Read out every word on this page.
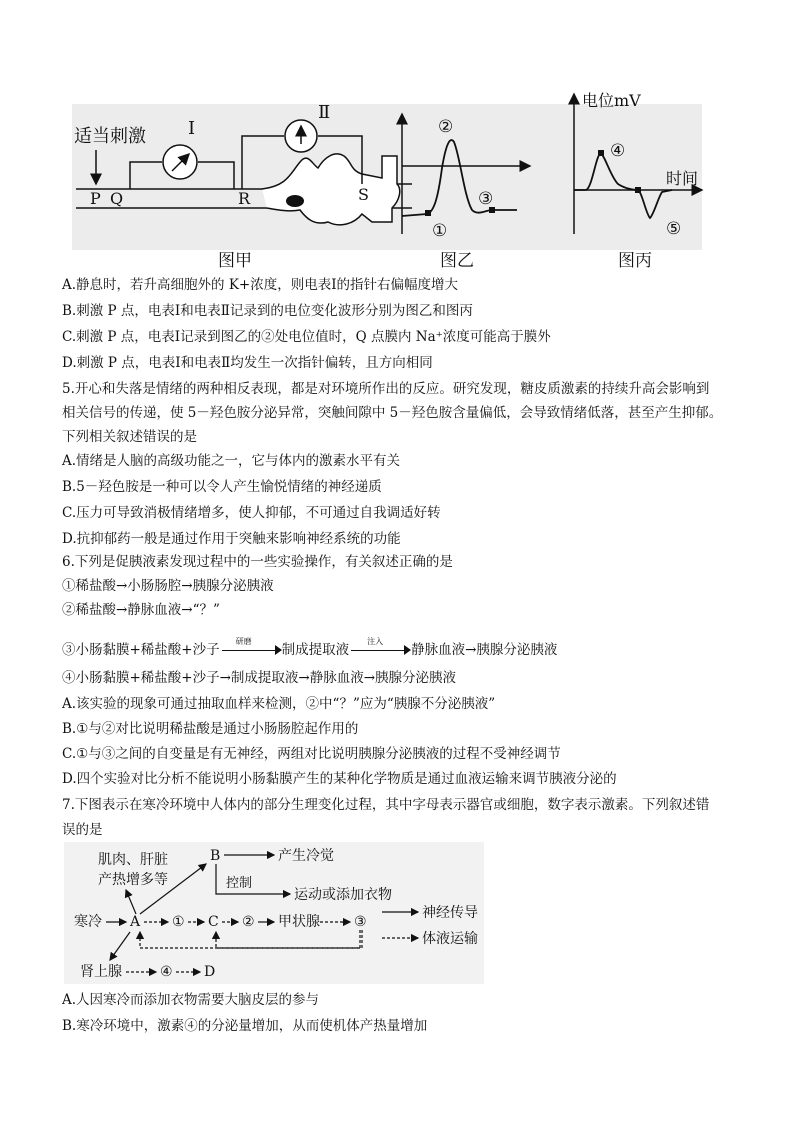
适当刺激
P Q
Ⅰ
R	S
Ⅱ
图甲
①
②
③
图乙
电位mV
时间
④
⑤
图丙
A.静息时，若升高细胞外的 K+浓度，则电表Ⅰ的指针右偏幅度增大
B.刺激 P 点，电表Ⅰ和电表Ⅱ记录到的电位变化波形分别为图乙和图丙
C.刺激 P 点，电表Ⅰ记录到图乙的②处电位值时，Q 点膜内 Na⁺浓度可能高于膜外
D.刺激 P 点，电表Ⅰ和电表Ⅱ均发生一次指针偏转，且方向相同
5.开心和失落是情绪的两种相反表现，都是对环境所作出的反应。研究发现，糖皮质激素的持续升高会影响到
相关信号的传递，使 5－羟色胺分泌异常，突触间隙中 5－羟色胺含量偏低，会导致情绪低落，甚至产生抑郁。
下列相关叙述错误的是
A.情绪是人脑的高级功能之一，它与体内的激素水平有关
B.5－羟色胺是一种可以令人产生愉悦情绪的神经递质
C.压力可导致消极情绪增多，使人抑郁，不可通过自我调适好转
D.抗抑郁药一般是通过作用于突触来影响神经系统的功能
6.下列是促胰液素发现过程中的一些实验操作，有关叙述正确的是
①稀盐酸→小肠肠腔→胰腺分泌胰液
②稀盐酸→静脉血液→“？”
③小肠黏膜+稀盐酸+沙子
研磨
制成提取液
注入
静脉血液→胰腺分泌胰液
④小肠黏膜+稀盐酸+沙子→制成提取液→静脉血液→胰腺分泌胰液
A.该实验的现象可通过抽取血样来检测，②中“？”应为“胰腺不分泌胰液”
B.①与②对比说明稀盐酸是通过小肠肠腔起作用的
C.①与③之间的自变量是有无神经，两组对比说明胰腺分泌胰液的过程不受神经调节
D.四个实验对比分析不能说明小肠黏膜产生的某种化学物质是通过血液运输来调节胰液分泌的
7.下图表示在寒冷环境中人体内的部分生理变化过程，其中字母表示器官或细胞，数字表示激素。下列叙述错
误的是
肌肉、肝脏
产热增多等
B	产生冷觉
控制
运动或添加衣物
寒冷 A ① C ② 甲状腺 ③
肾上腺	④ D
神经传导
体液运输
A.人因寒冷而添加衣物需要大脑皮层的参与
B.寒冷环境中，激素④的分泌量增加，从而使机体产热量增加
